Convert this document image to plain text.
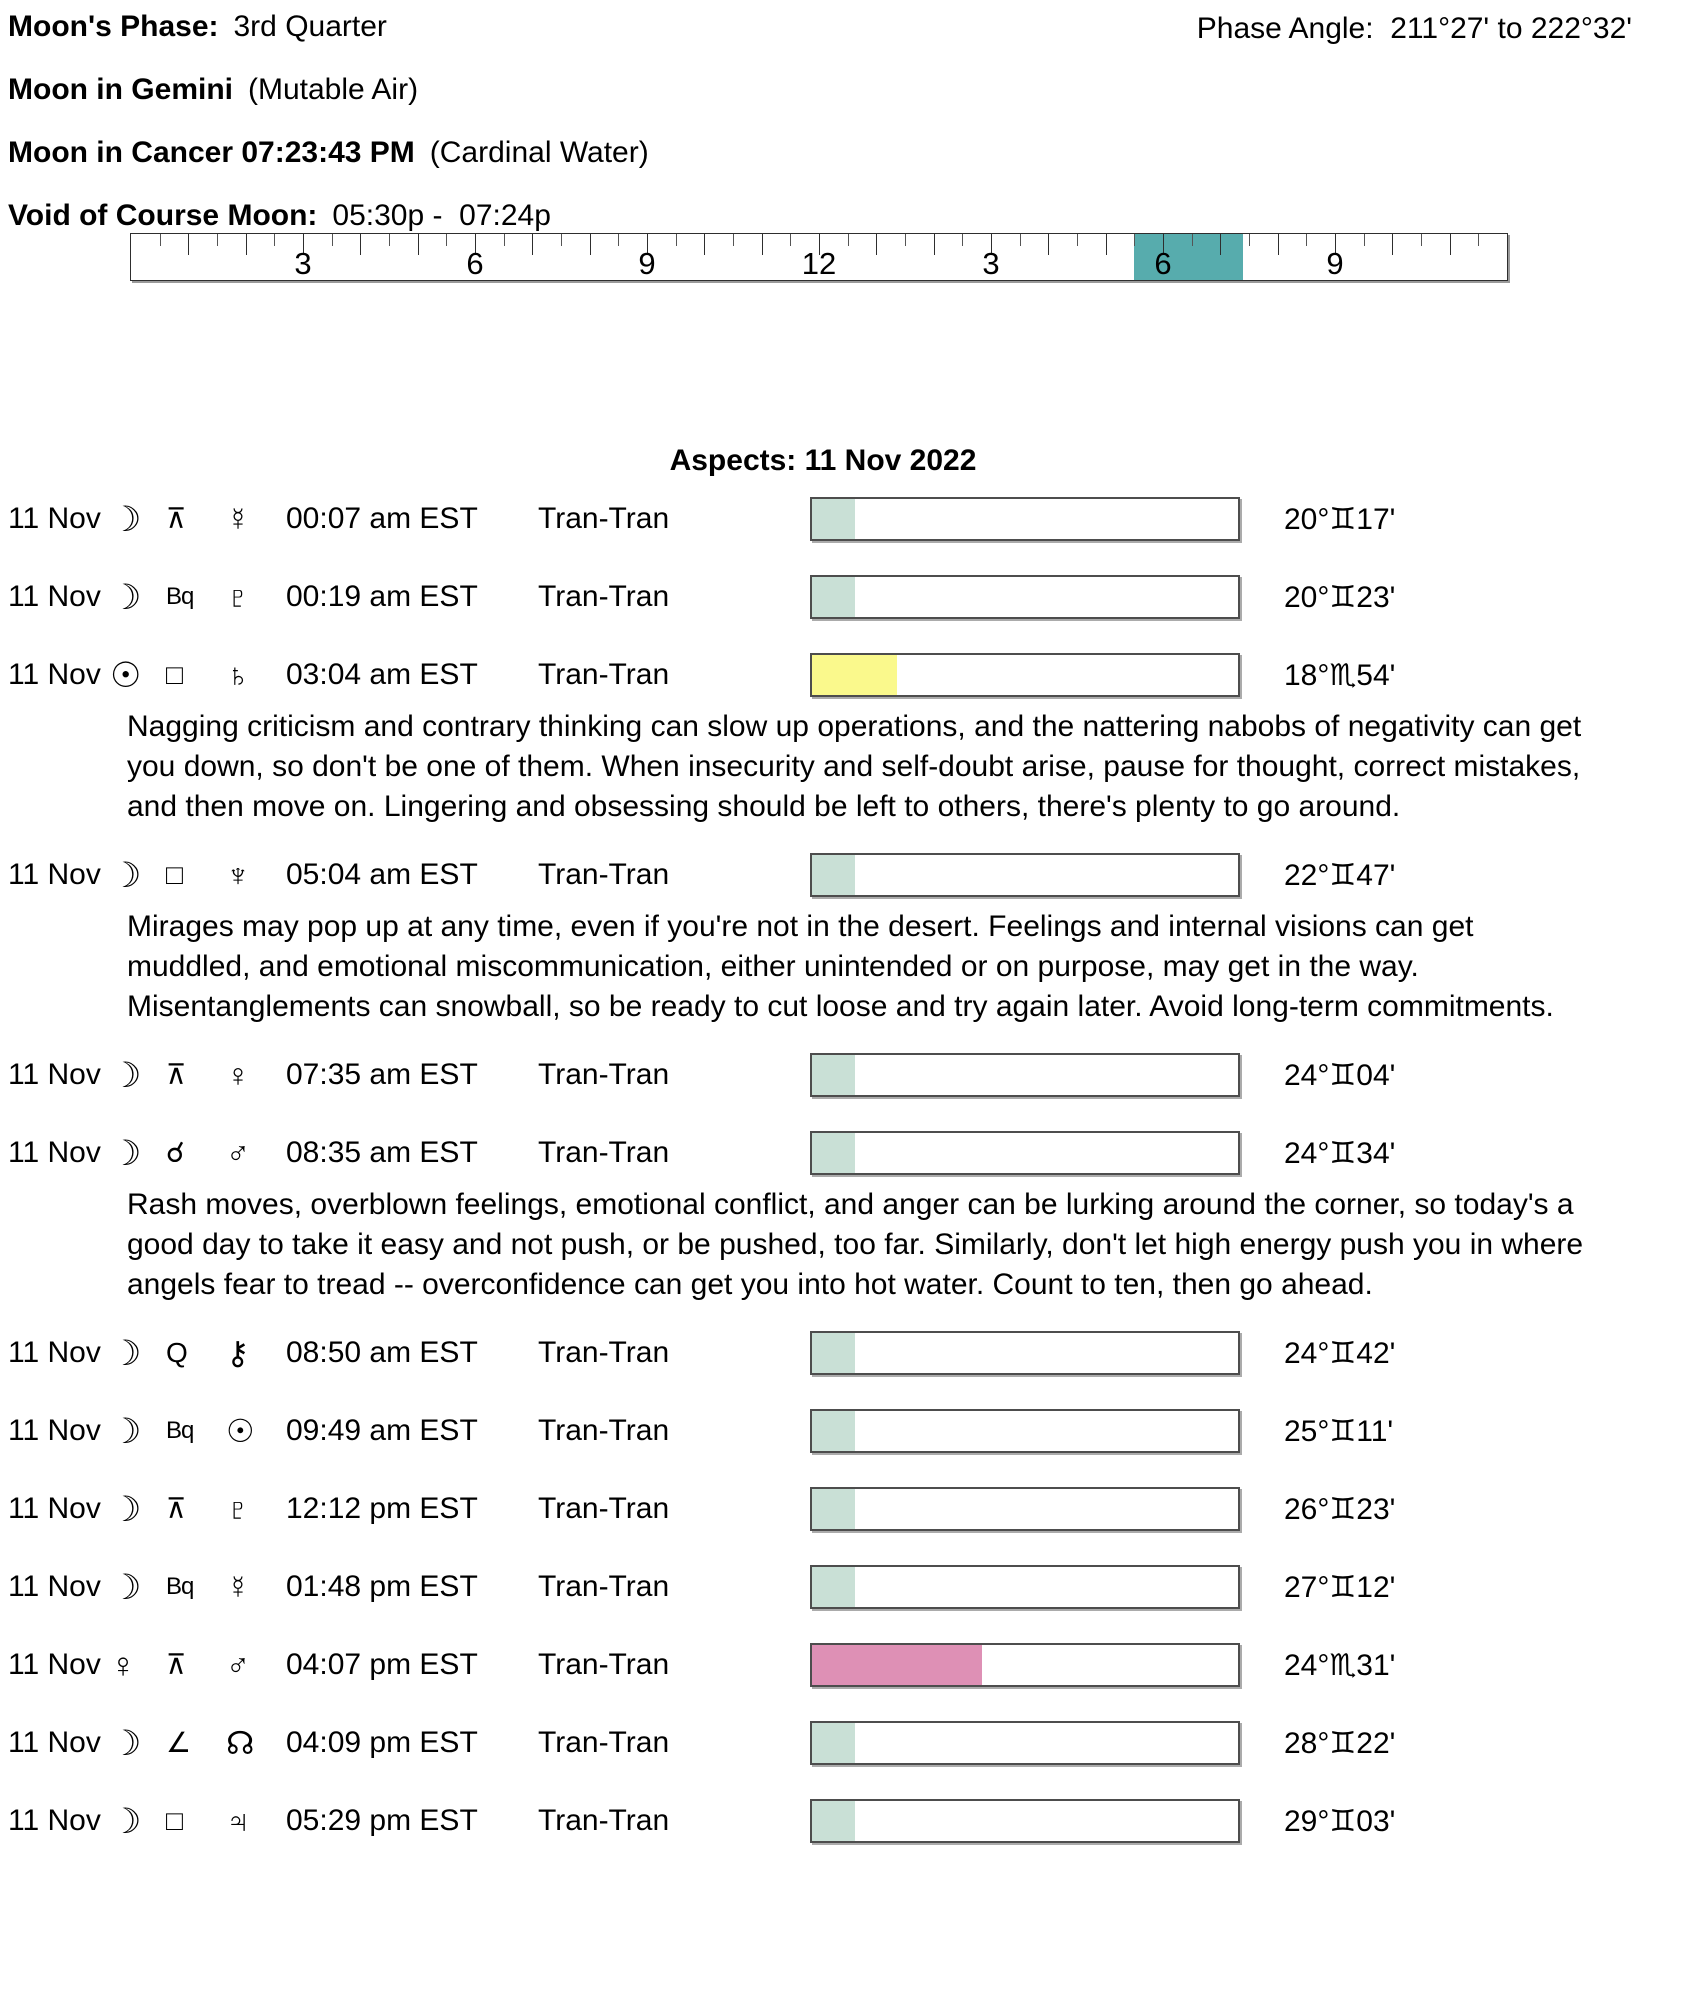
Moon's Phase: 3rd Quarter	Phase Angle:  211°27' to 222°32'
Moon in Gemini (Mutable Air)
Moon in Cancer 07:23:43 PM (Cardinal Water)
Void of Course Moon: 05:30p -  07:24p
3	6	9	12	3	6	9
Aspects: 11 Nov 2022
11 Nov ☽ ⊼	☿	00:07 am EST	Tran-Tran	20°♊17'
11 Nov ☽	Bq	♇	00:19 am EST	Tran-Tran	20°♊23'
11 Nov ☉ □	♄	03:04 am EST	Tran-Tran	18°♏54'
Nagging criticism and contrary thinking can slow up operations, and the nattering nabobs of negativity can get you down, so don't be one of them. When insecurity and self-doubt arise, pause for thought, correct mistakes, and then move on. Lingering and obsessing should be left to others, there's plenty to go around.
11 Nov ☽ □	♆	05:04 am EST	Tran-Tran	22°♊47'
Mirages may pop up at any time, even if you're not in the desert. Feelings and internal visions can get muddled, and emotional miscommunication, either unintended or on purpose, may get in the way. Misentanglements can snowball, so be ready to cut loose and try again later. Avoid long-term commitments.
11 Nov ☽ ⊼	♀	07:35 am EST	Tran-Tran	24°♊04'
11 Nov ☽ ☌	♂	08:35 am EST	Tran-Tran	24°♊34'
Rash moves, overblown feelings, emotional conflict, and anger can be lurking around the corner, so today's a good day to take it easy and not push, or be pushed, too far. Similarly, don't let high energy push you in where angels fear to tread -- overconfidence can get you into hot water. Count to ten, then go ahead.
11 Nov ☽ Q	⚷	08:50 am EST	Tran-Tran	24°♊42'
11 Nov ☽	Bq	☉	09:49 am EST	Tran-Tran	25°♊11'
11 Nov ☽ ⊼	♇	12:12 pm EST	Tran-Tran	26°♊23'
11 Nov ☽	Bq	☿	01:48 pm EST	Tran-Tran	27°♊12'
11 Nov ♀	⊼	♂	04:07 pm EST	Tran-Tran	24°♏31'
11 Nov ☽ ∠	☊	04:09 pm EST	Tran-Tran	28°♊22'
11 Nov ☽ □	♃	05:29 pm EST	Tran-Tran	29°♊03'
